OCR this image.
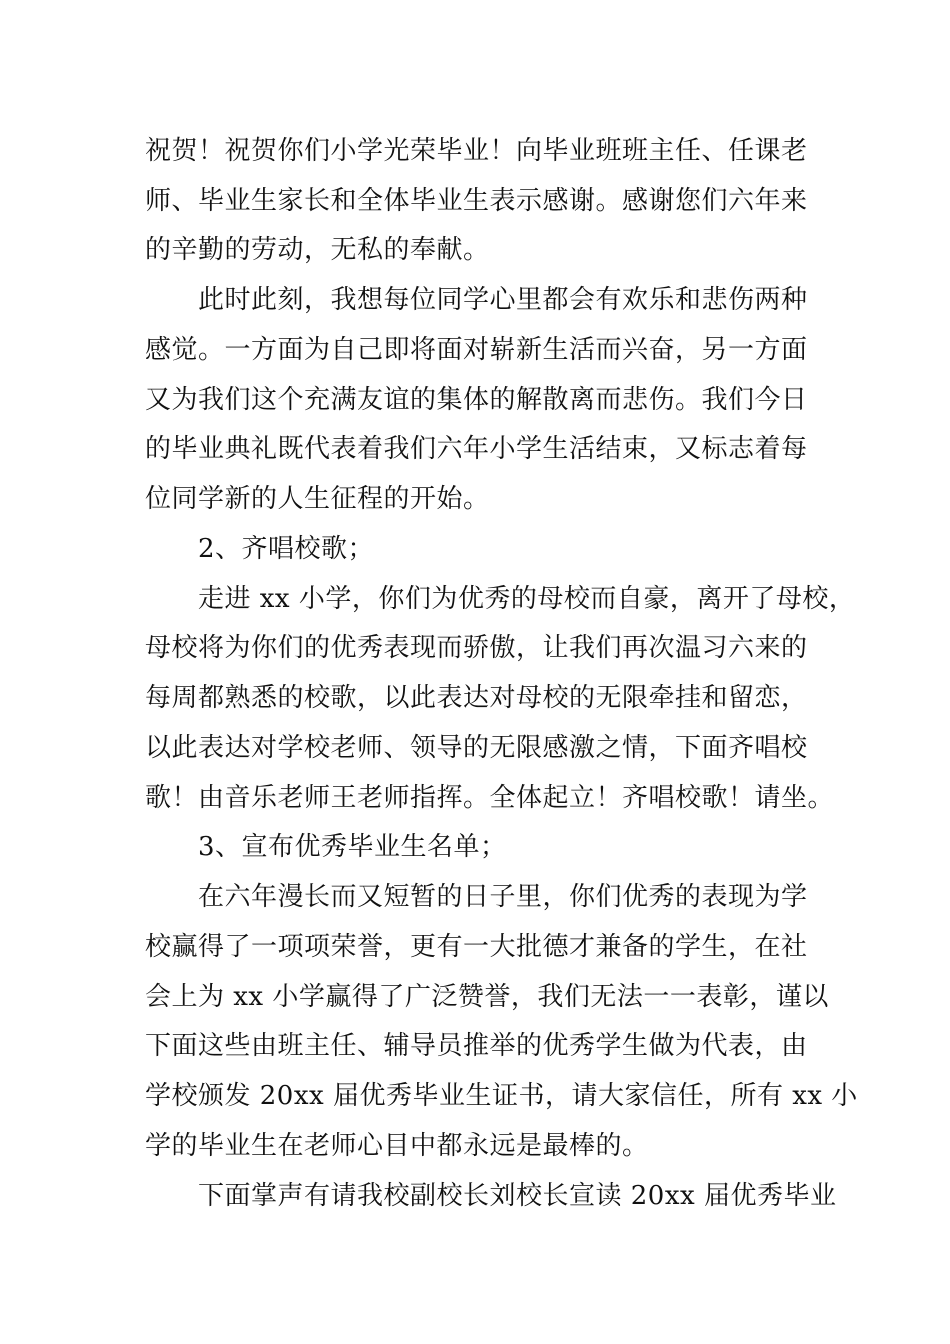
祝贺！祝贺你们小学光荣毕业！向毕业班班主任、任课老
师、毕业生家长和全体毕业生表示感谢。感谢您们六年来
的辛勤的劳动，无私的奉献。
此时此刻，我想每位同学心里都会有欢乐和悲伤两种
感觉。一方面为自己即将面对崭新生活而兴奋，另一方面
又为我们这个充满友谊的集体的解散离而悲伤。我们今日
的毕业典礼既代表着我们六年小学生活结束，又标志着每
位同学新的人生征程的开始。
2、齐唱校歌；
走进 xx 小学，你们为优秀的母校而自豪，离开了母校，
母校将为你们的优秀表现而骄傲，让我们再次温习六来的
每周都熟悉的校歌，以此表达对母校的无限牵挂和留恋，
以此表达对学校老师、领导的无限感激之情，下面齐唱校
歌！由音乐老师王老师指挥。全体起立！齐唱校歌！请坐。
3、宣布优秀毕业生名单；
在六年漫长而又短暂的日子里，你们优秀的表现为学
校赢得了一项项荣誉，更有一大批德才兼备的学生，在社
会上为 xx 小学赢得了广泛赞誉，我们无法一一表彰，谨以
下面这些由班主任、辅导员推举的优秀学生做为代表，由
学校颁发 20xx 届优秀毕业生证书，请大家信任，所有 xx 小
学的毕业生在老师心目中都永远是最棒的。
下面掌声有请我校副校长刘校长宣读 20xx 届优秀毕业
